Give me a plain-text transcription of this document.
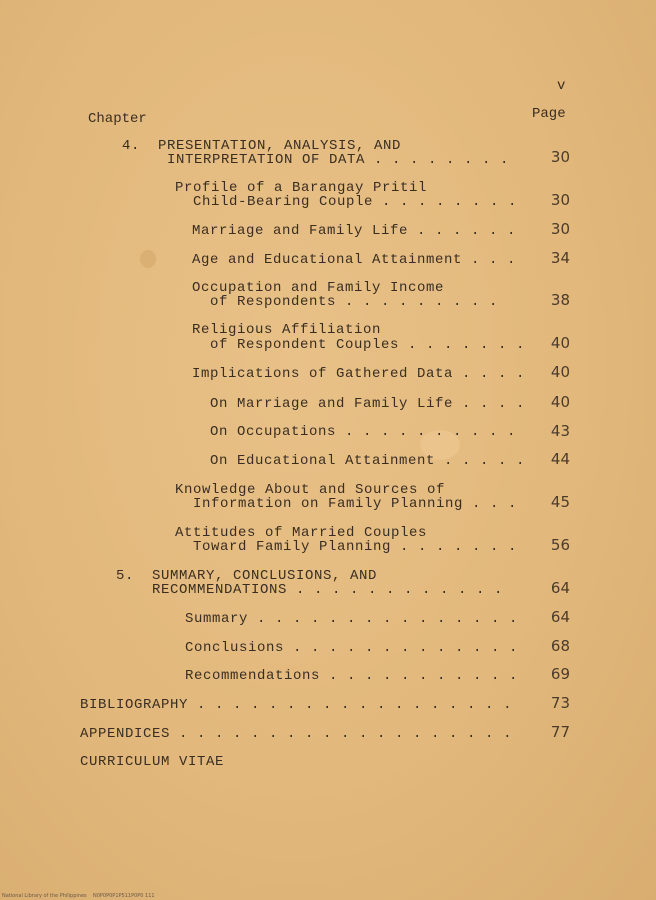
v
Chapter	Page
4.  PRESENTATION, ANALYSIS, AND
INTERPRETATION OF DATA . . . . . . . .	30
Profile of a Barangay Pritil
Child-Bearing Couple . . . . . . . .	30
Marriage and Family Life . . . . . .	30
Age and Educational Attainment . . .	34
Occupation and Family Income
of Respondents . . . . . . . . .	38
Religious Affiliation
of Respondent Couples . . . . . . .	40
Implications of Gathered Data . . . .	40
On Marriage and Family Life . . . .	40
On Occupations . . . . . . . . . .	43
On Educational Attainment . . . . .	44
Knowledge About and Sources of
Information on Family Planning . . .	45
Attitudes of Married Couples
Toward Family Planning . . . . . . .	56
5.  SUMMARY, CONCLUSIONS, AND
RECOMMENDATIONS . . . . . . . . . . . .	64
Summary . . . . . . . . . . . . . . .	64
Conclusions . . . . . . . . . . . . .	68
Recommendations . . . . . . . . . . .	69
BIBLIOGRAPHY . . . . . . . . . . . . . . . . . .	73
APPENDICES . . . . . . . . . . . . . . . . . . .	77
CURRICULUM VITAE
National Library of the Philippines    N0P0P0P1P511P0P0 111
